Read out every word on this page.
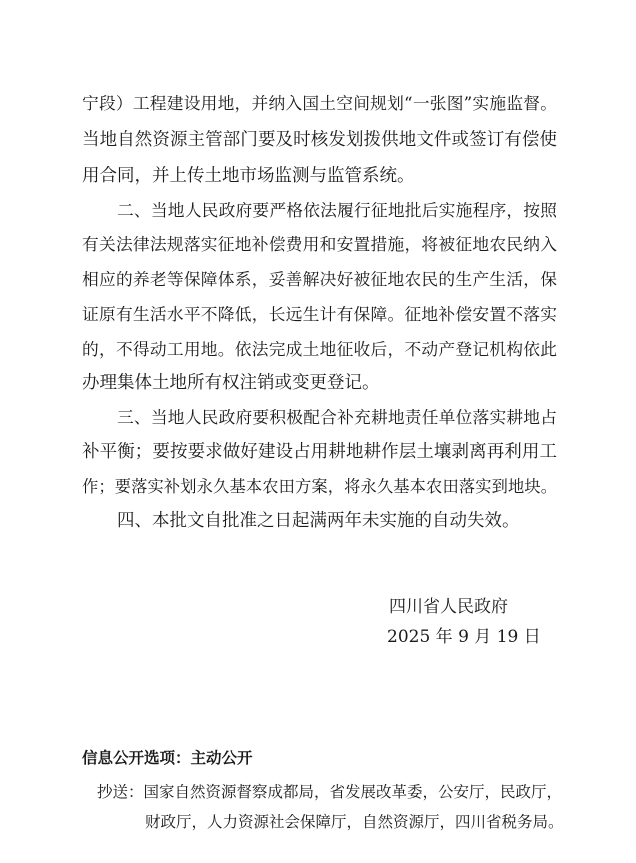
宁段）工程建设用地，并纳入国土空间规划“一张图”实施监督。
当地自然资源主管部门要及时核发划拨供地文件或签订有偿使
用合同，并上传土地市场监测与监管系统。
二、当地人民政府要严格依法履行征地批后实施程序，按照
有关法律法规落实征地补偿费用和安置措施，将被征地农民纳入
相应的养老等保障体系，妥善解决好被征地农民的生产生活，保
证原有生活水平不降低，长远生计有保障。征地补偿安置不落实
的，不得动工用地。依法完成土地征收后，不动产登记机构依此
办理集体土地所有权注销或变更登记。
三、当地人民政府要积极配合补充耕地责任单位落实耕地占
补平衡；要按要求做好建设占用耕地耕作层土壤剥离再利用工
作；要落实补划永久基本农田方案，将永久基本农田落实到地块。
四、本批文自批准之日起满两年未实施的自动失效。
四川省人民政府
2025 年 9 月 19 日
信息公开选项：主动公开
抄送：国家自然资源督察成都局，省发展改革委，公安厅，民政厅，
财政厅，人力资源社会保障厅，自然资源厅，四川省税务局。
